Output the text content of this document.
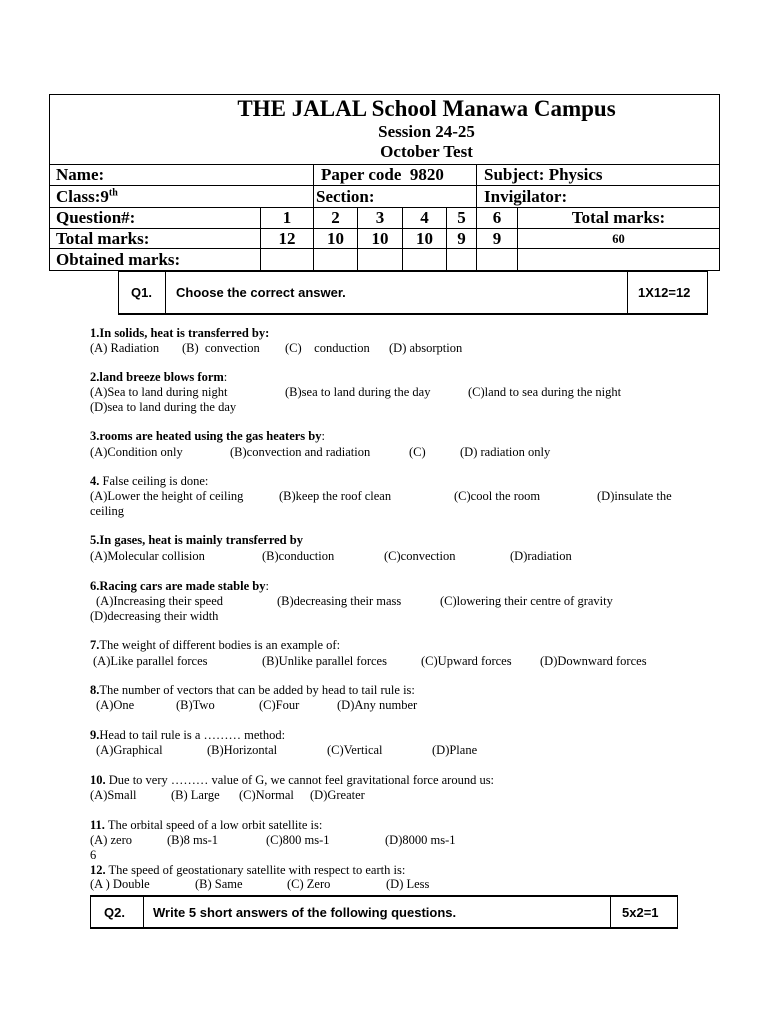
THE JALAL School Manawa Campus
Session 24-25
October Test							

Name:		Paper code  9820				Subject: Physics	
Class:9th		Section:				Invigilator:	
Question#:	1	2	3	4	5	6	Total marks:
Total marks:	12	10	10	10	9	9	60
Obtained marks:							
Q1.	Choose the correct answer.	1X12=12
1.In solids, heat is transferred by:
(A) Radiation (B)  convection (C)    conduction (D) absorption
2.land breeze blows form:
(A)Sea to land during night	(B)sea to land during the day	(C)land to sea during the night
(D)sea to land during the day
3.rooms are heated using the gas heaters by:
(A)Condition only	(B)convection and radiation	(C)	(D) radiation only
4. False ceiling is done:
(A)Lower the height of ceiling	(B)keep the roof clean	(C)cool the room	(D)insulate the
ceiling
5.In gases, heat is mainly transferred by
(A)Molecular collision	(B)conduction	(C)convection	(D)radiation
6.Racing cars are made stable by:
(A)Increasing their speed	(B)decreasing their mass	(C)lowering their centre of gravity
(D)decreasing their width
7.The weight of different bodies is an example of:
(A)Like parallel forces	(B)Unlike parallel forces	(C)Upward forces (D)Downward forces
8.The number of vectors that can be added by head to tail rule is:
(A)One	(B)Two	(C)Four	(D)Any number
9.Head to tail rule is a ……… method:
(A)Graphical	(B)Horizontal	(C)Vertical	(D)Plane
10. Due to very ……… value of G, we cannot feel gravitational force around us:
(A)Small	(B) Large (C)Normal (D)Greater
11. The orbital speed of a low orbit satellite is:
(A) zero	(B)8 ms-1	(C)800 ms-1	(D)8000 ms-1
6
12. The speed of geostationary satellite with respect to earth is:
(A ) Double	(B) Same	(C) Zero	(D) Less
Q2.	Write 5 short answers of the following questions.	5x2=1
